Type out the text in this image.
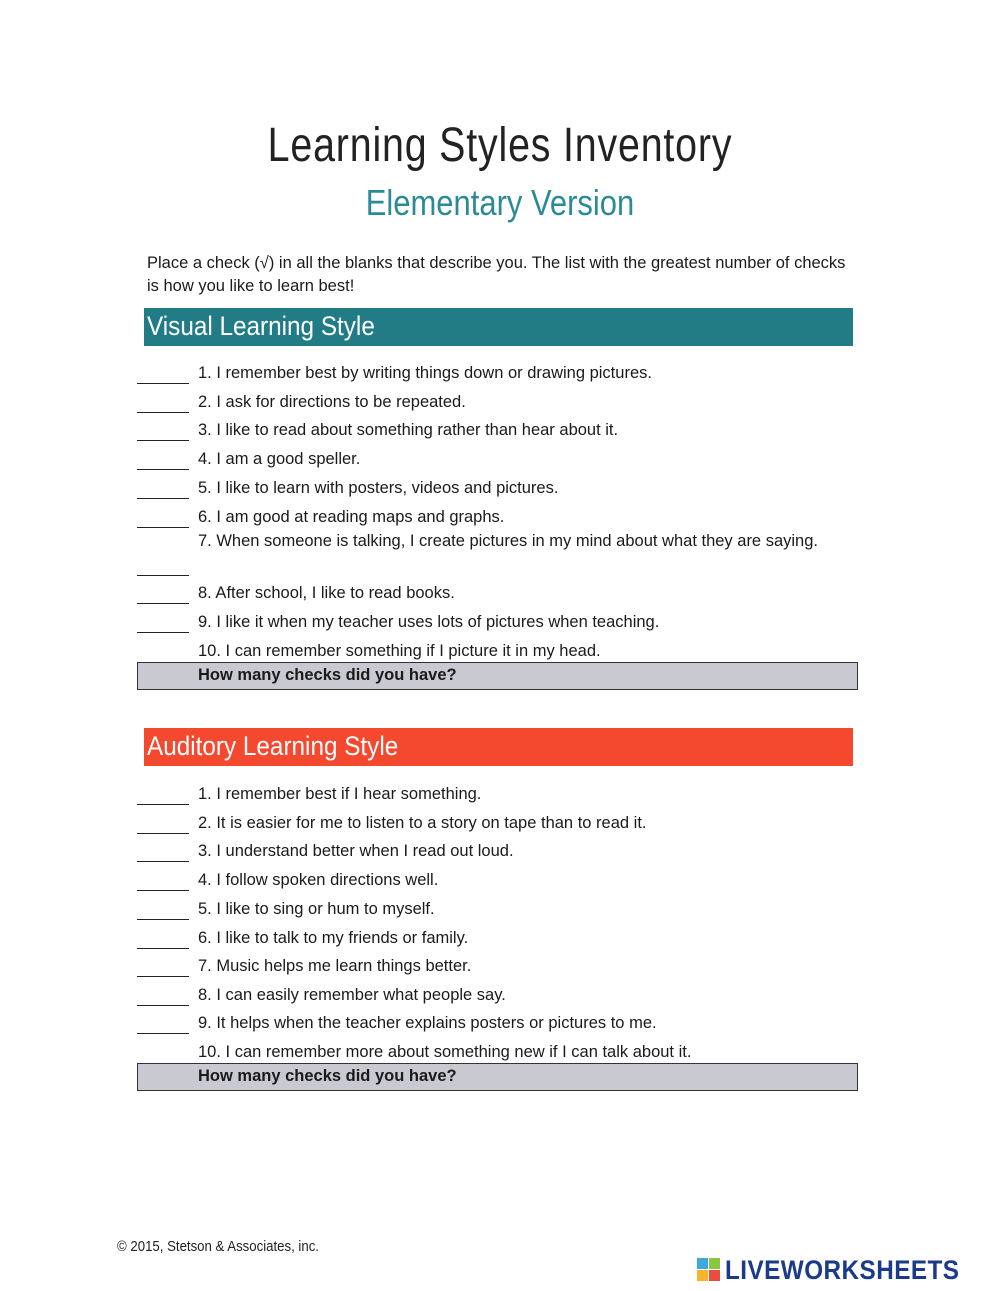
Learning Styles Inventory
Elementary Version
Place a check (√) in all the blanks that describe you. The list with the greatest number of checks is how you like to learn best!
Visual Learning Style
1. I remember best by writing things down or drawing pictures.
2. I ask for directions to be repeated.
3. I like to read about something rather than hear about it.
4. I am a good speller.
5. I like to learn with posters, videos and pictures.
6. I am good at reading maps and graphs.
7. When someone is talking, I create pictures in my mind about what they are saying.
8. After school, I like to read books.
9. I like it when my teacher uses lots of pictures when teaching.
10. I can remember something if I picture it in my head.
How many checks did you have?
Auditory Learning Style
1. I remember best if I hear something.
2. It is easier for me to listen to a story on tape than to read it.
3. I understand better when I read out loud.
4. I follow spoken directions well.
5. I like to sing or hum to myself.
6. I like to talk to my friends or family.
7. Music helps me learn things better.
8. I can easily remember what people say.
9. It helps when the teacher explains posters or pictures to me.
10. I can remember more about something new if I can talk about it.
How many checks did you have?
© 2015, Stetson & Associates, inc.
LIVEWORKSHEETS
